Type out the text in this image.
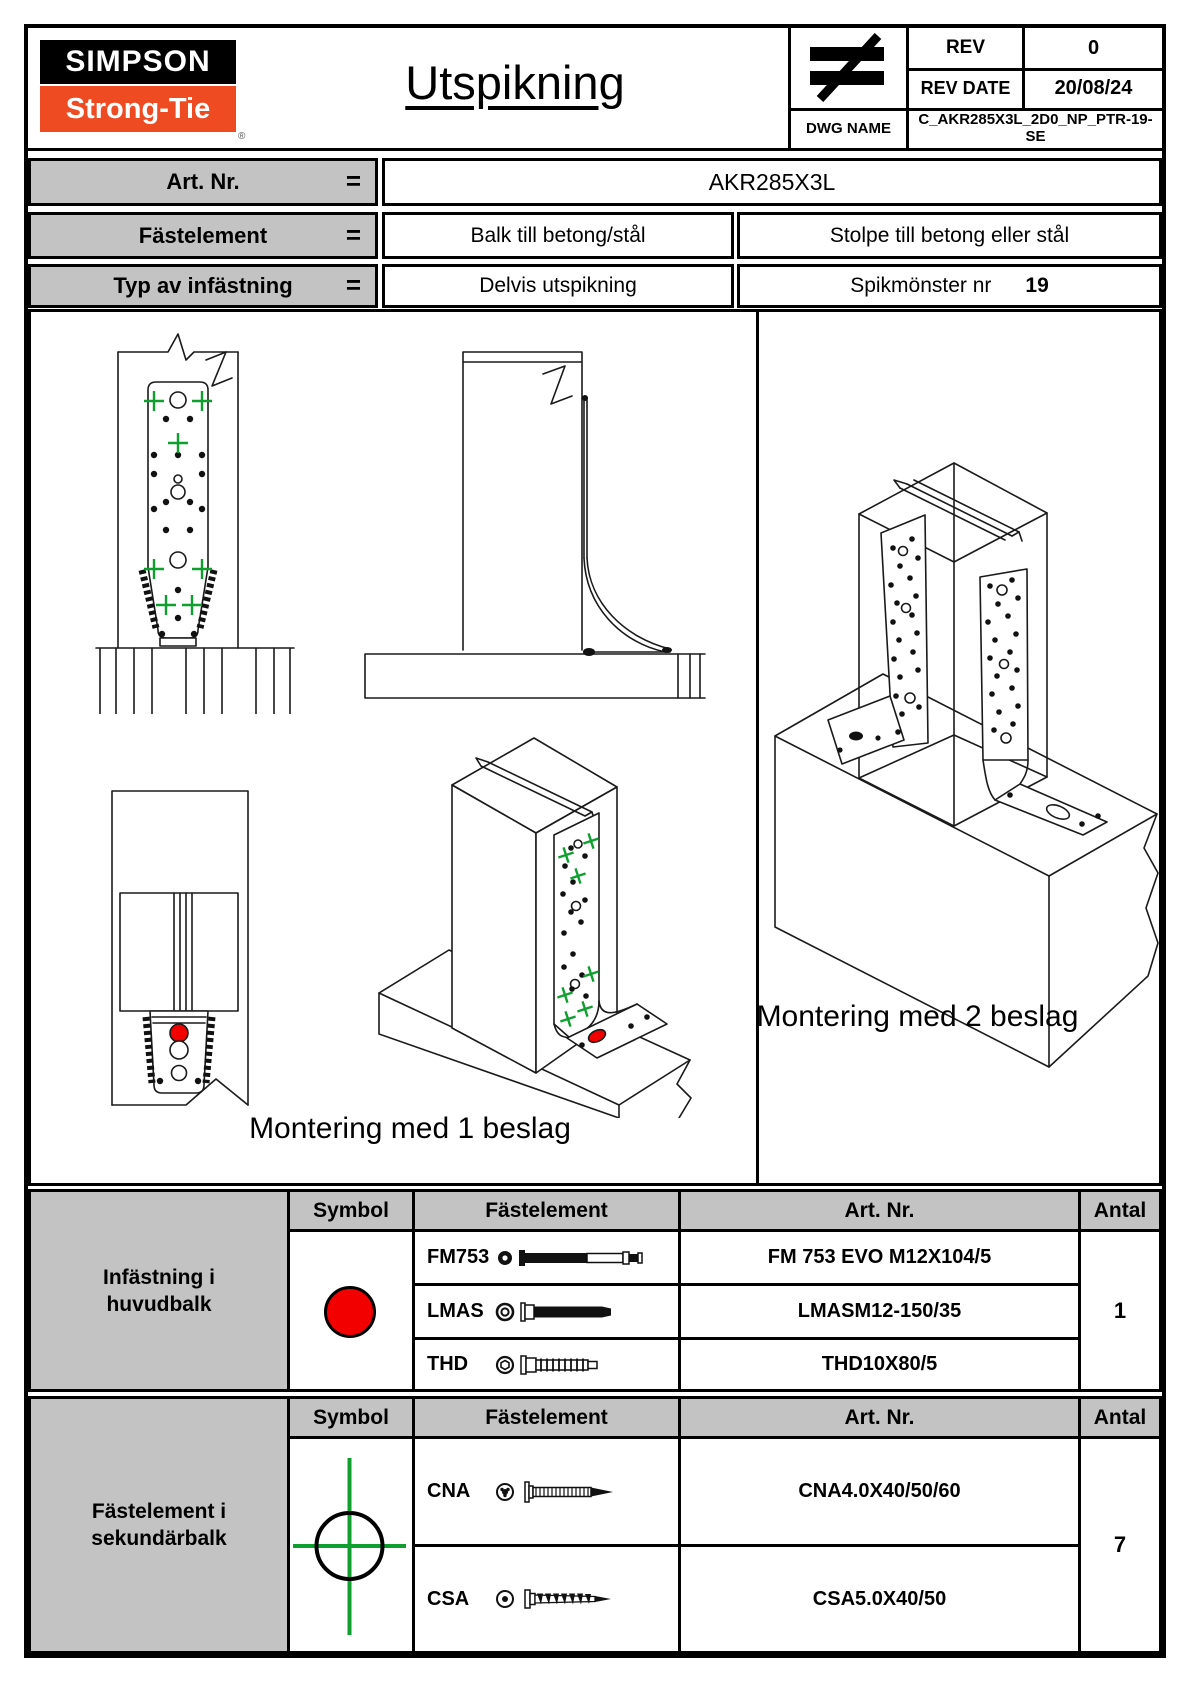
SIMPSON
Strong-Tie
®
Utspikning
REV	0
REV DATE	20/08/24
DWG NAME	C_AKR285X3L_2D0_NP_PTR-19-SE
Art. Nr.	=	AKR285X3L
Fästelement	=	Balk till betong/stål	Stolpe till betong eller stål
Typ av infästning =	Delvis utspikning	Spikmönster nr 19
Montering med 1 beslag
Montering med 2 beslag
Infästning i
huvudbalk
Symbol	Fästelement	Art. Nr.	Antal
FM753	FM 753 EVO M12X104/5
LMAS	LMASM12-150/35
THD	THD10X80/5
1
Fästelement i
sekundärbalk
Symbol	Fästelement	Art. Nr.	Antal
CNA	CNA4.0X40/50/60
CSA	CSA5.0X40/50
7
